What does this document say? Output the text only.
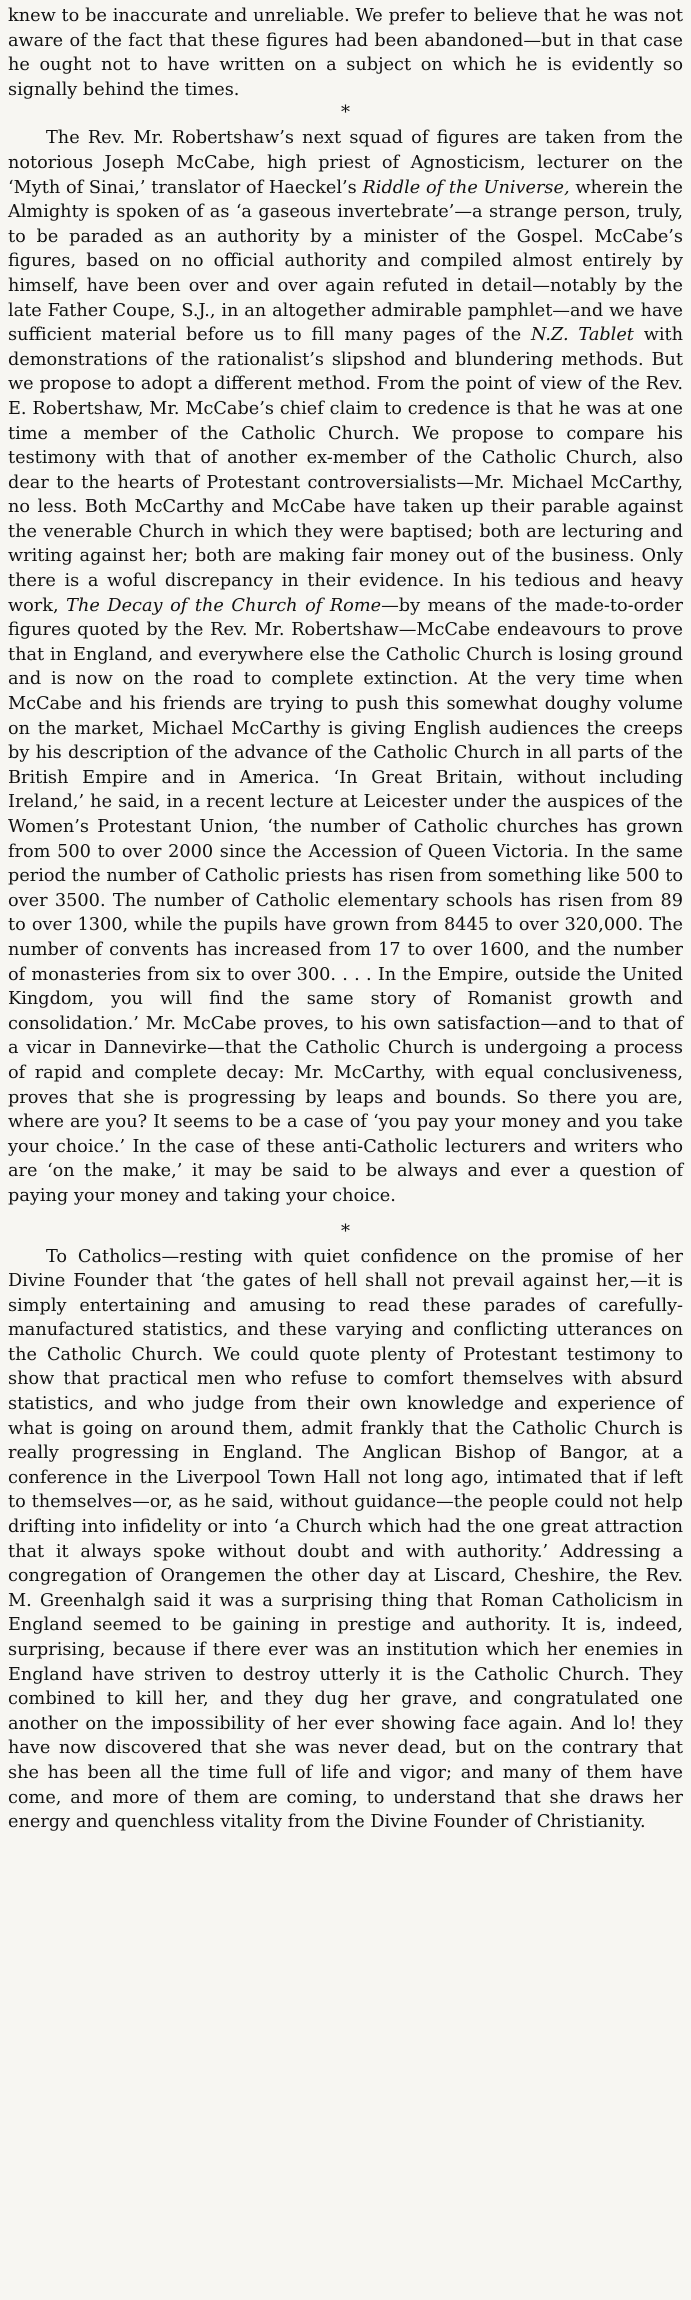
knew to be inaccurate and unreliable. We prefer to believe that he was not aware of the fact that these figures had been abandoned—but in that case he ought not to have written on a subject on which he is evidently so signally behind the times.

*

The Rev. Mr. Robertshaw’s next squad of figures are taken from the notorious Joseph McCabe, high priest of Agnosticism, lecturer on the ‘Myth of Sinai,’ translator of Haeckel’s Riddle of the Universe, wherein the Almighty is spoken of as ‘a gaseous invertebrate’—a strange person, truly, to be paraded as an authority by a minister of the Gospel. McCabe’s figures, based on no official authority and compiled almost entirely by himself, have been over and over again refuted in detail—notably by the late Father Coupe, S.J., in an altogether admirable pamphlet—and we have sufficient material before us to fill many pages of the N.Z. Tablet with demonstrations of the rationalist’s slipshod and blundering methods. But we propose to adopt a different method. From the point of view of the Rev. E. Robertshaw, Mr. McCabe’s chief claim to credence is that he was at one time a member of the Catholic Church. We propose to compare his testimony with that of another ex-member of the Catholic Church, also dear to the hearts of Protestant controversialists—Mr. Michael McCarthy, no less. Both McCarthy and McCabe have taken up their parable against the venerable Church in which they were baptised; both are lecturing and writing against her; both are making fair money out of the business. Only there is a woful discrepancy in their evidence. In his tedious and heavy work, The Decay of the Church of Rome—by means of the made-to-order figures quoted by the Rev. Mr. Robertshaw—McCabe endeavours to prove that in England, and everywhere else the Catholic Church is losing ground and is now on the road to complete extinction. At the very time when McCabe and his friends are trying to push this somewhat doughy volume on the market, Michael McCarthy is giving English audiences the creeps by his description of the advance of the Catholic Church in all parts of the British Empire and in America. ‘In Great Britain, without including Ireland,’ he said, in a recent lecture at Leicester under the auspices of the Women’s Protestant Union, ‘the number of Catholic churches has grown from 500 to over 2000 since the Accession of Queen Victoria. In the same period the number of Catholic priests has risen from something like 500 to over 3500. The number of Catholic elementary schools has risen from 89 to over 1300, while the pupils have grown from 8445 to over 320,000. The number of convents has increased from 17 to over 1600, and the number of monasteries from six to over 300. . . . In the Empire, outside the United Kingdom, you will find the same story of Romanist growth and consolidation.’ Mr. McCabe proves, to his own satisfaction—and to that of a vicar in Dannevirke—that the Catholic Church is undergoing a process of rapid and complete decay: Mr. McCarthy, with equal conclusiveness, proves that she is progressing by leaps and bounds. So there you are, where are you? It seems to be a case of ‘you pay your money and you take your choice.’ In the case of these anti-Catholic lecturers and writers who are ‘on the make,’ it may be said to be always and ever a question of paying your money and taking your choice.

*

To Catholics—resting with quiet confidence on the promise of her Divine Founder that ‘the gates of hell shall not prevail against her,—it is simply entertaining and amusing to read these parades of carefully-manufactured statistics, and these varying and conflicting utterances on the Catholic Church. We could quote plenty of Protestant testimony to show that practical men who refuse to comfort themselves with absurd statistics, and who judge from their own knowledge and experience of what is going on around them, admit frankly that the Catholic Church is really progressing in England. The Anglican Bishop of Bangor, at a conference in the Liverpool Town Hall not long ago, intimated that if left to themselves—or, as he said, without guidance—the people could not help drifting into infidelity or into ‘a Church which had the one great attraction that it always spoke without doubt and with authority.’ Addressing a congregation of Orangemen the other day at Liscard, Cheshire, the Rev. M. Greenhalgh said it was a surprising thing that Roman Catholicism in England seemed to be gaining in prestige and authority. It is, indeed, surprising, because if there ever was an institution which her enemies in England have striven to destroy utterly it is the Catholic Church. They combined to kill her, and they dug her grave, and congratulated one another on the impossibility of her ever showing face again. And lo! they have now discovered that she was never dead, but on the contrary that she has been all the time full of life and vigor; and many of them have come, and more of them are coming, to understand that she draws her energy and quenchless vitality from the Divine Founder of Christianity.
